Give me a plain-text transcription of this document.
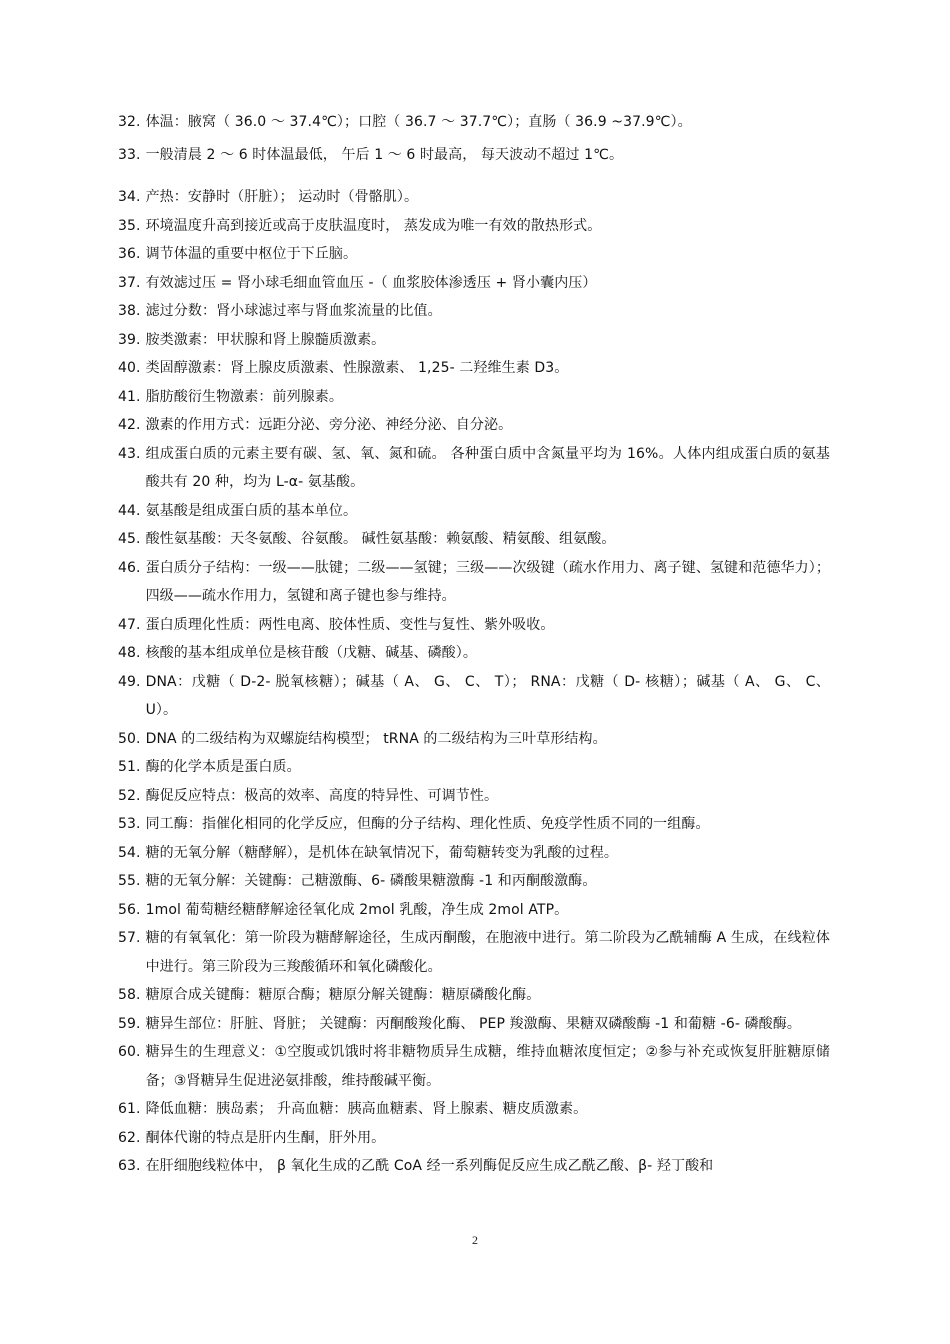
32. 体温：腋窝（ 36.0 ～ 37.4℃）；口腔（ 36.7 ～ 37.7℃）；直肠（ 36.9 ~37.9℃）。
33. 一般清晨 2 ～ 6 时体温最低， 午后 1 ～ 6 时最高， 每天波动不超过 1℃。
34. 产热：安静时（肝脏）； 运动时（骨骼肌）。
35. 环境温度升高到接近或高于皮肤温度时， 蒸发成为唯一有效的散热形式。
36. 调节体温的重要中枢位于下丘脑。
37. 有效滤过压 = 肾小球毛细血管血压 -（ 血浆胶体渗透压 + 肾小囊内压）
38. 滤过分数：肾小球滤过率与肾血浆流量的比值。
39. 胺类激素：甲状腺和肾上腺髓质激素。
40. 类固醇激素：肾上腺皮质激素、性腺激素、 1,25- 二羟维生素 D3。
41. 脂肪酸衍生物激素：前列腺素。
42. 激素的作用方式：远距分泌、旁分泌、神经分泌、自分泌。
43. 组成蛋白质的元素主要有碳、氢、氧、氮和硫。 各种蛋白质中含氮量平均为 16%。人体内组成蛋白质的氨基酸共有 20 种，均为 L-α- 氨基酸。
44. 氨基酸是组成蛋白质的基本单位。
45. 酸性氨基酸：天冬氨酸、谷氨酸。 碱性氨基酸：赖氨酸、精氨酸、组氨酸。
46. 蛋白质分子结构：一级——肽键；二级——氢键；三级——次级键（疏水作用力、离子键、氢键和范德华力）；四级——疏水作用力，氢键和离子键也参与维持。
47. 蛋白质理化性质：两性电离、胶体性质、变性与复性、紫外吸收。
48. 核酸的基本组成单位是核苷酸（戊糖、碱基、磷酸）。
49. DNA：戊糖（ D-2- 脱氧核糖）；碱基（ A、 G、 C、 T）； RNA：戊糖（ D- 核糖）；碱基（ A、 G、 C、 U）。
50. DNA 的二级结构为双螺旋结构模型； tRNA 的二级结构为三叶草形结构。
51. 酶的化学本质是蛋白质。
52. 酶促反应特点：极高的效率、高度的特异性、可调节性。
53. 同工酶：指催化相同的化学反应，但酶的分子结构、理化性质、免疫学性质不同的一组酶。
54. 糖的无氧分解（糖酵解），是机体在缺氧情况下，葡萄糖转变为乳酸的过程。
55. 糖的无氧分解：关键酶：己糖激酶、6- 磷酸果糖激酶 -1 和丙酮酸激酶。
56. 1mol 葡萄糖经糖酵解途径氧化成 2mol 乳酸，净生成 2mol ATP。
57. 糖的有氧氧化：第一阶段为糖酵解途径，生成丙酮酸，在胞液中进行。第二阶段为乙酰辅酶 A 生成，在线粒体中进行。第三阶段为三羧酸循环和氧化磷酸化。
58. 糖原合成关键酶：糖原合酶；糖原分解关键酶：糖原磷酸化酶。
59. 糖异生部位：肝脏、肾脏； 关键酶：丙酮酸羧化酶、 PEP 羧激酶、果糖双磷酸酶 -1 和葡糖 -6- 磷酸酶。
60. 糖异生的生理意义：①空腹或饥饿时将非糖物质异生成糖，维持血糖浓度恒定；②参与补充或恢复肝脏糖原储备；③肾糖异生促进泌氨排酸，维持酸碱平衡。
61. 降低血糖：胰岛素； 升高血糖：胰高血糖素、肾上腺素、糖皮质激素。
62. 酮体代谢的特点是肝内生酮，肝外用。
63. 在肝细胞线粒体中， β 氧化生成的乙酰 CoA 经一系列酶促反应生成乙酰乙酸、β- 羟丁酸和
2
